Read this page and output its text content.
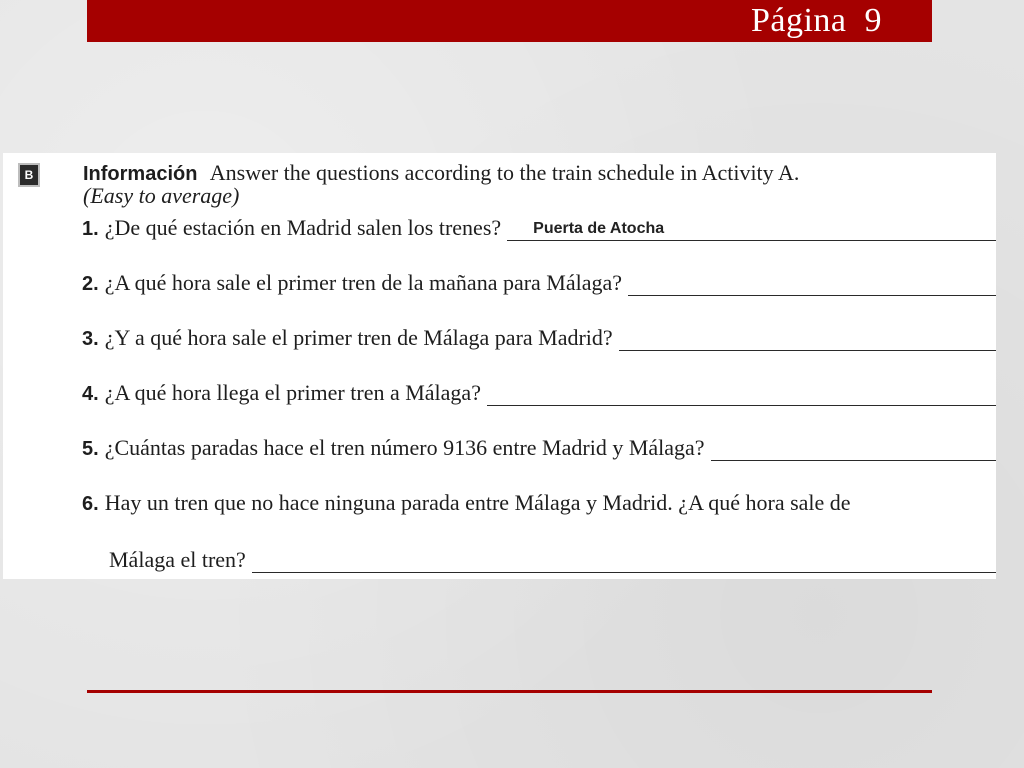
Página  9
B	Información Answer the questions according to the train schedule in Activity A.
(Easy to average)
1. ¿De qué estación en Madrid salen los trenes? Puerta de Atocha
2. ¿A qué hora sale el primer tren de la mañana para Málaga?
3. ¿Y a qué hora sale el primer tren de Málaga para Madrid?
4. ¿A qué hora llega el primer tren a Málaga?
5. ¿Cuántas paradas hace el tren número 9136 entre Madrid y Málaga?
6. Hay un tren que no hace ninguna parada entre Málaga y Madrid. ¿A qué hora sale de
Málaga el tren?
